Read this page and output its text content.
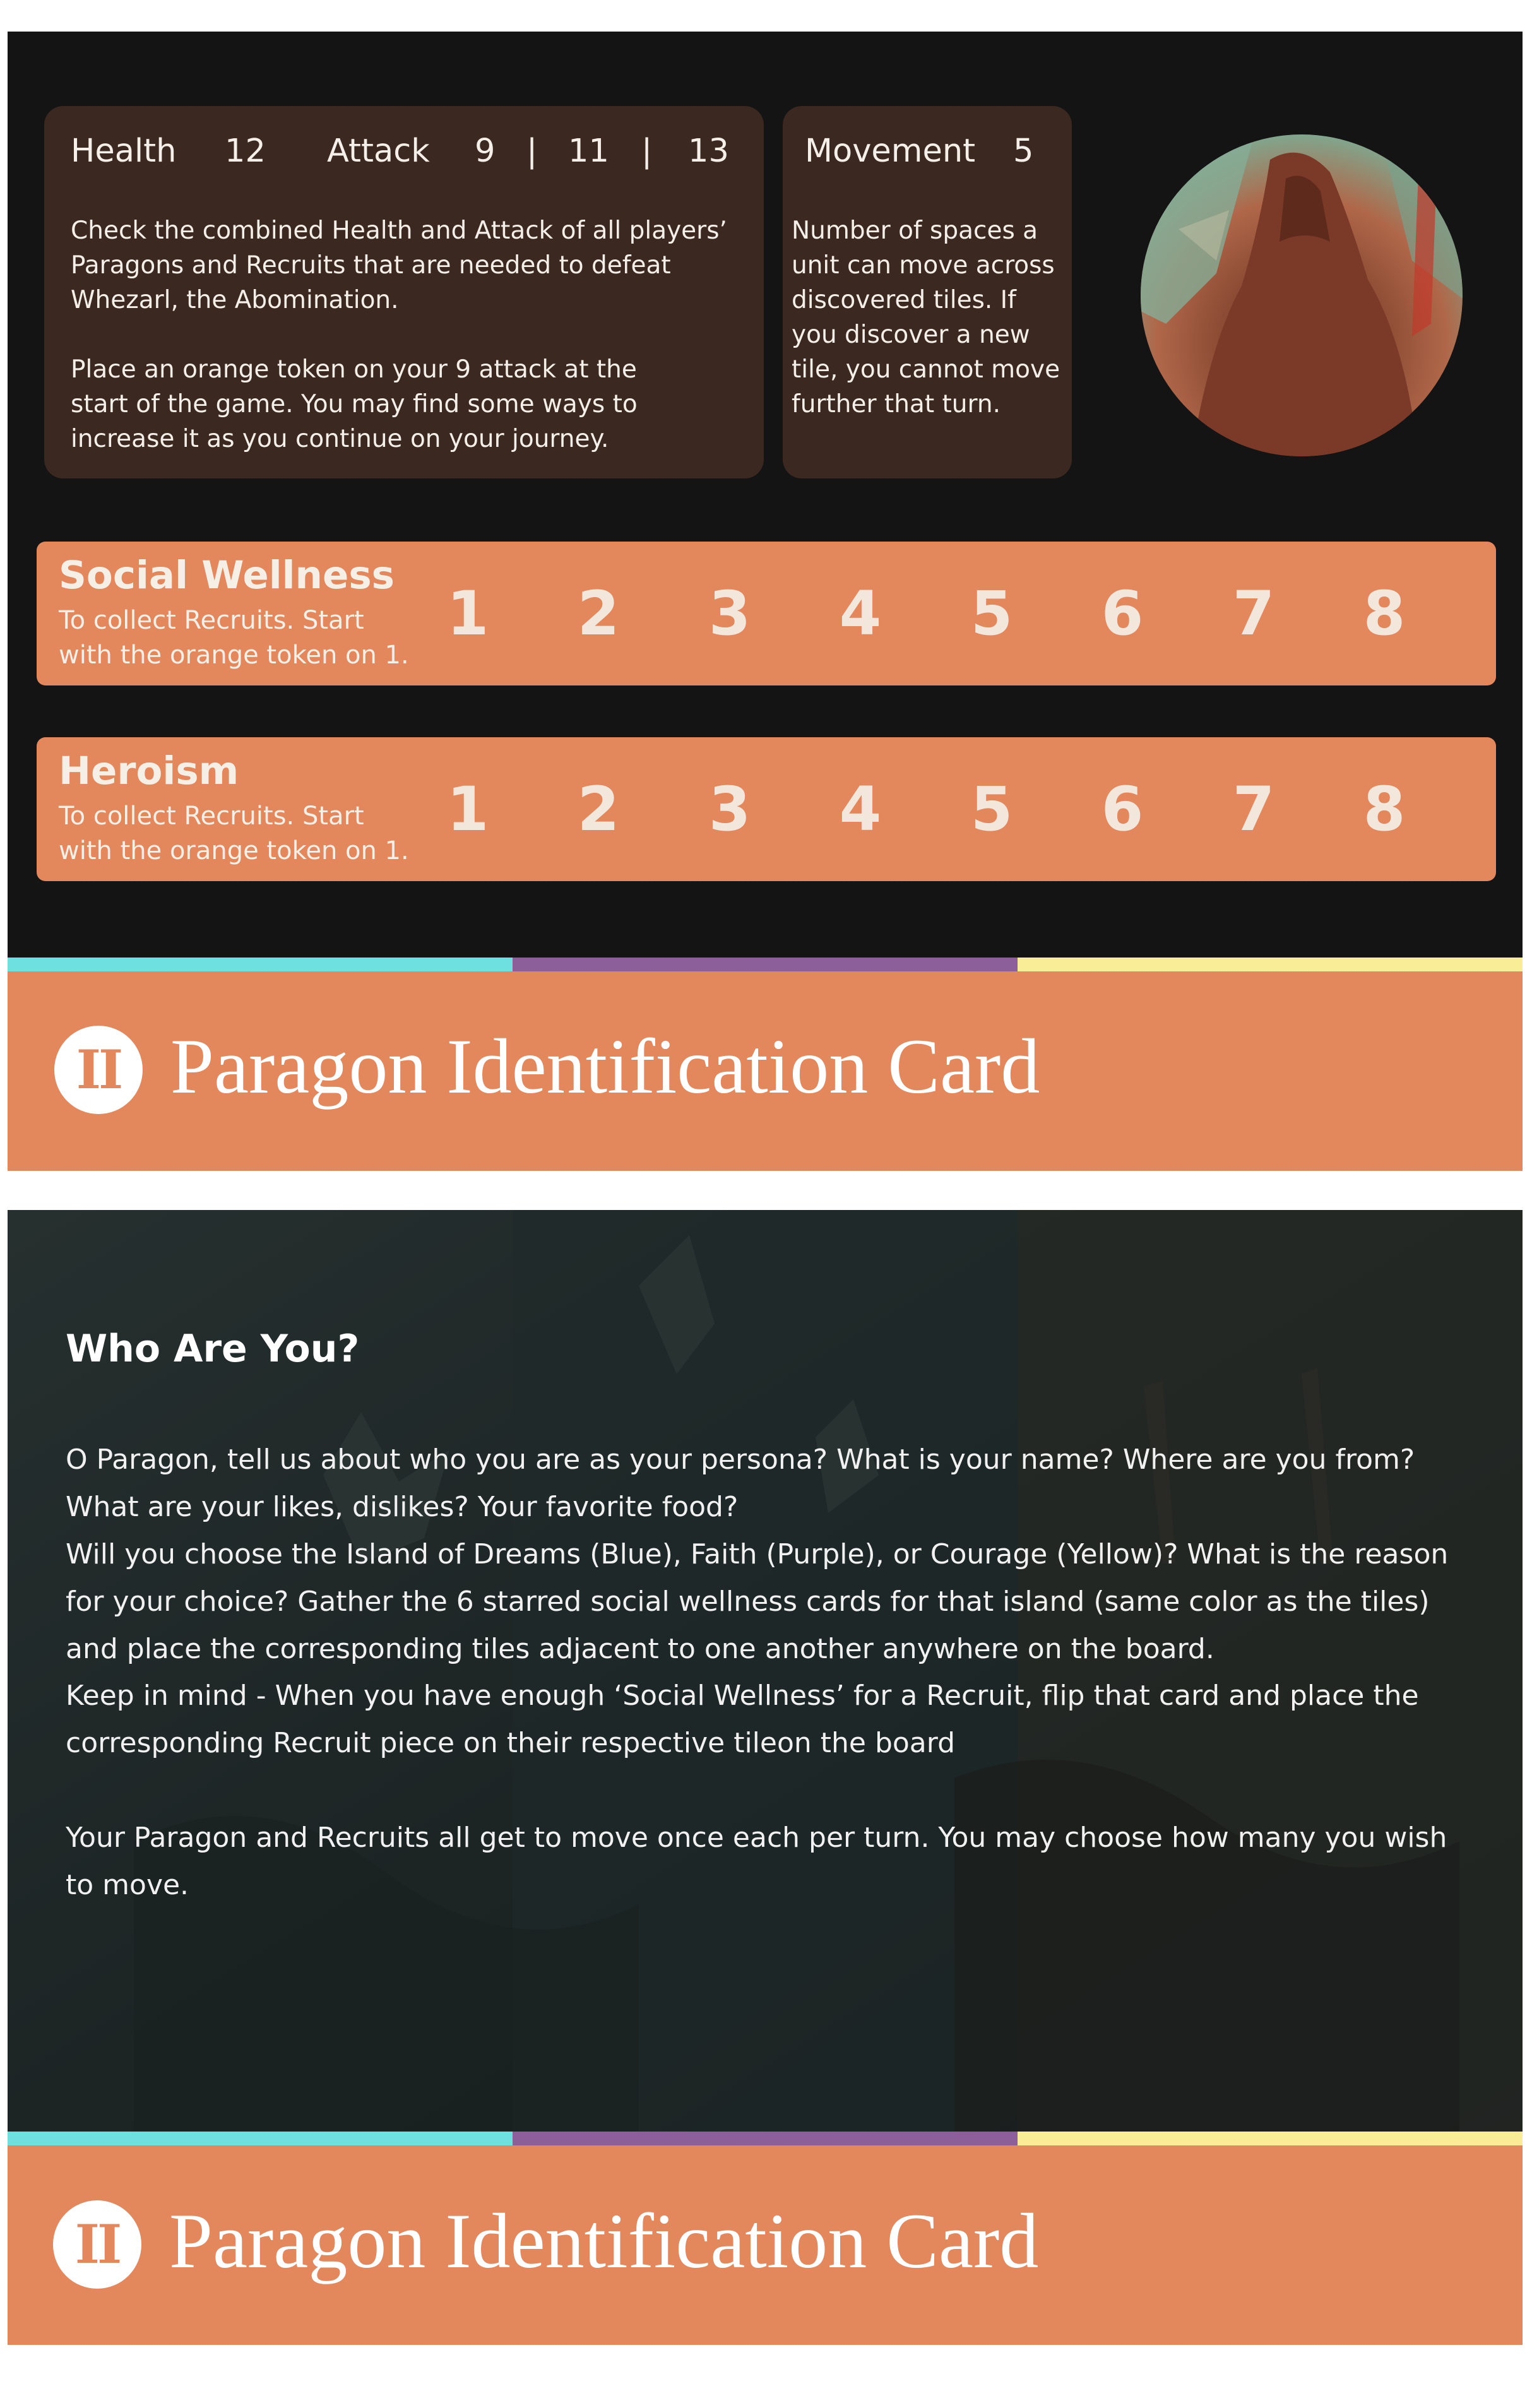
Health 12 Attack 9 | 11 | 13
Check the combined Health and Attack of all players’
Paragons and Recruits that are needed to defeat
Whezarl, the Abomination.

Place an orange token on your 9 attack at the
start of the game. You may find some ways to
increase it as you continue on your journey.
Movement 5
Number of spaces a
unit can move across
discovered tiles. If
you discover a new
tile, you cannot move
further that turn.
Social Wellness
To collect Recruits. Start
with the orange token on 1.
1 2 3 4 5 6 7 8
Heroism
To collect Recruits. Start
with the orange token on 1.
1 2 3 4 5 6 7 8
II Paragon Identification Card
Who Are You?
O Paragon, tell us about who you are as your persona? What is your name? Where are you from? What are your likes, dislikes? Your favorite food?
Will you choose the Island of Dreams (Blue), Faith (Purple), or Courage (Yellow)? What is the reason for your choice? Gather the 6 starred social wellness cards for that island (same color as the tiles) and place the corresponding tiles adjacent to one another anywhere on the board.
Keep in mind - When you have enough ‘Social Wellness’ for a Recruit, flip that card and place the corresponding Recruit piece on their respective tileon the board
Your Paragon and Recruits all get to move once each per turn. You may choose how many you wish to move.
II Paragon Identification Card
